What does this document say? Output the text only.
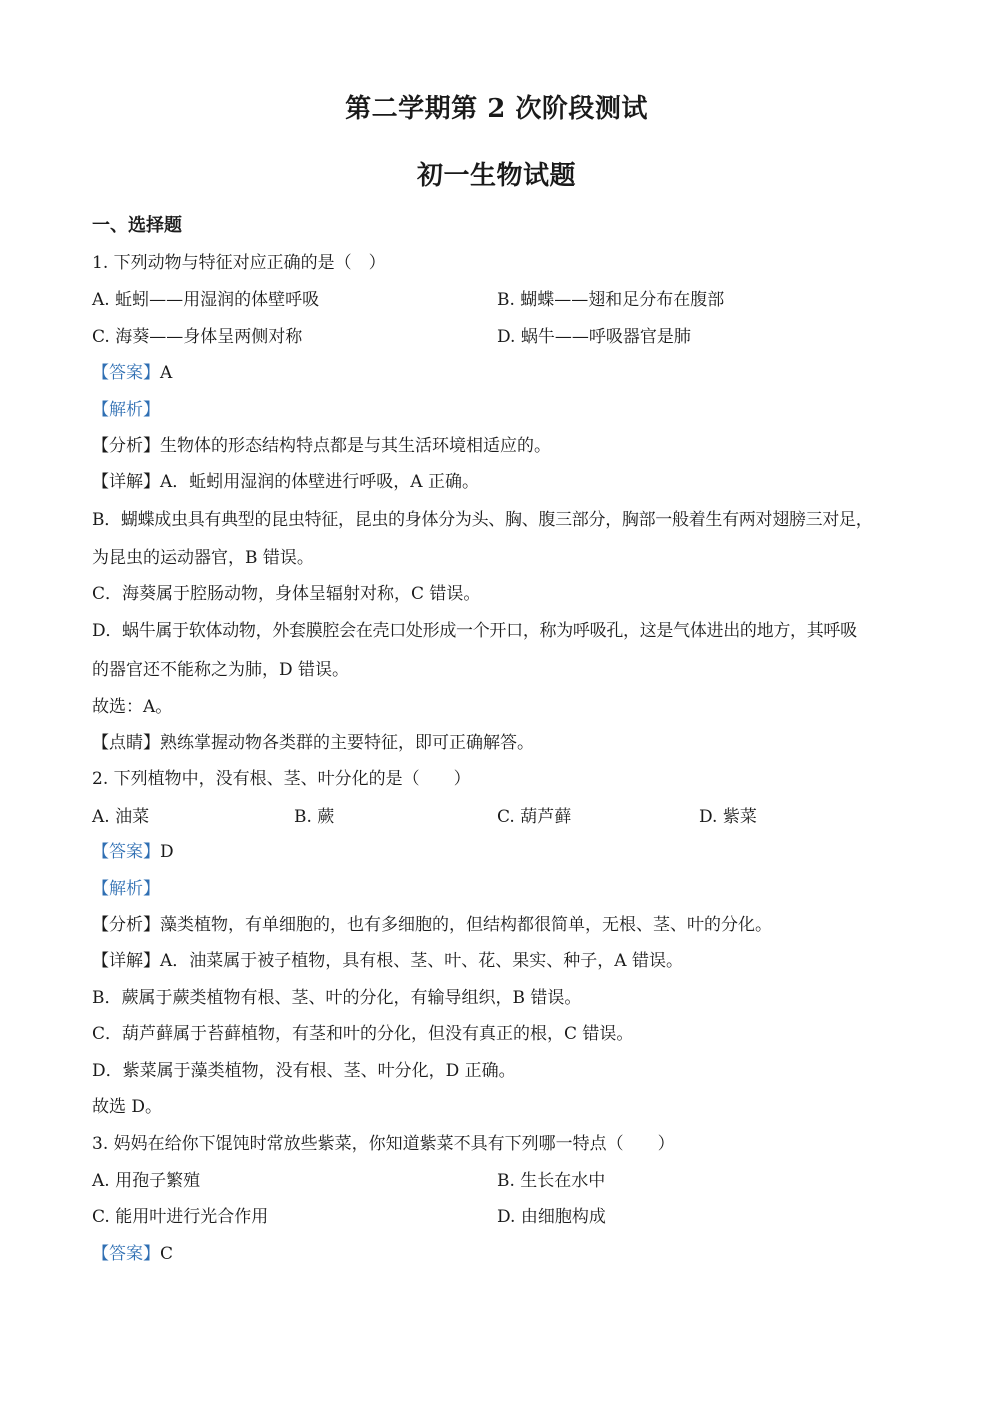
第二学期第 2 次阶段测试
初一生物试题
一、选择题
1. 下列动物与特征对应正确的是（　）
A. 蚯蚓——用湿润的体壁呼吸	B. 蝴蝶——翅和足分布在腹部
C. 海葵——身体呈两侧对称	D. 蜗牛——呼吸器官是肺
【答案】A
【解析】
【分析】生物体的形态结构特点都是与其生活环境相适应的。
【详解】A．蚯蚓用湿润的体壁进行呼吸，A 正确。
B．蝴蝶成虫具有典型的昆虫特征，昆虫的身体分为头、胸、腹三部分，胸部一般着生有两对翅膀三对足，
为昆虫的运动器官，B 错误。
C．海葵属于腔肠动物，身体呈辐射对称，C 错误。
D．蜗牛属于软体动物，外套膜腔会在壳口处形成一个开口，称为呼吸孔，这是气体进出的地方，其呼吸
的器官还不能称之为肺，D 错误。
故选：A。
【点睛】熟练掌握动物各类群的主要特征，即可正确解答。
2. 下列植物中，没有根、茎、叶分化的是（　　）
A. 油菜	B. 蕨	C. 葫芦藓	D. 紫菜
【答案】D
【解析】
【分析】藻类植物，有单细胞的，也有多细胞的，但结构都很简单，无根、茎、叶的分化。
【详解】A．油菜属于被子植物，具有根、茎、叶、花、果实、种子，A 错误。
B．蕨属于蕨类植物有根、茎、叶的分化，有输导组织，B 错误。
C．葫芦藓属于苔藓植物，有茎和叶的分化，但没有真正的根，C 错误。
D．紫菜属于藻类植物，没有根、茎、叶分化，D 正确。
故选 D。
3. 妈妈在给你下馄饨时常放些紫菜，你知道紫菜不具有下列哪一特点（　　）
A. 用孢子繁殖	B. 生长在水中
C. 能用叶进行光合作用	D. 由细胞构成
【答案】C
